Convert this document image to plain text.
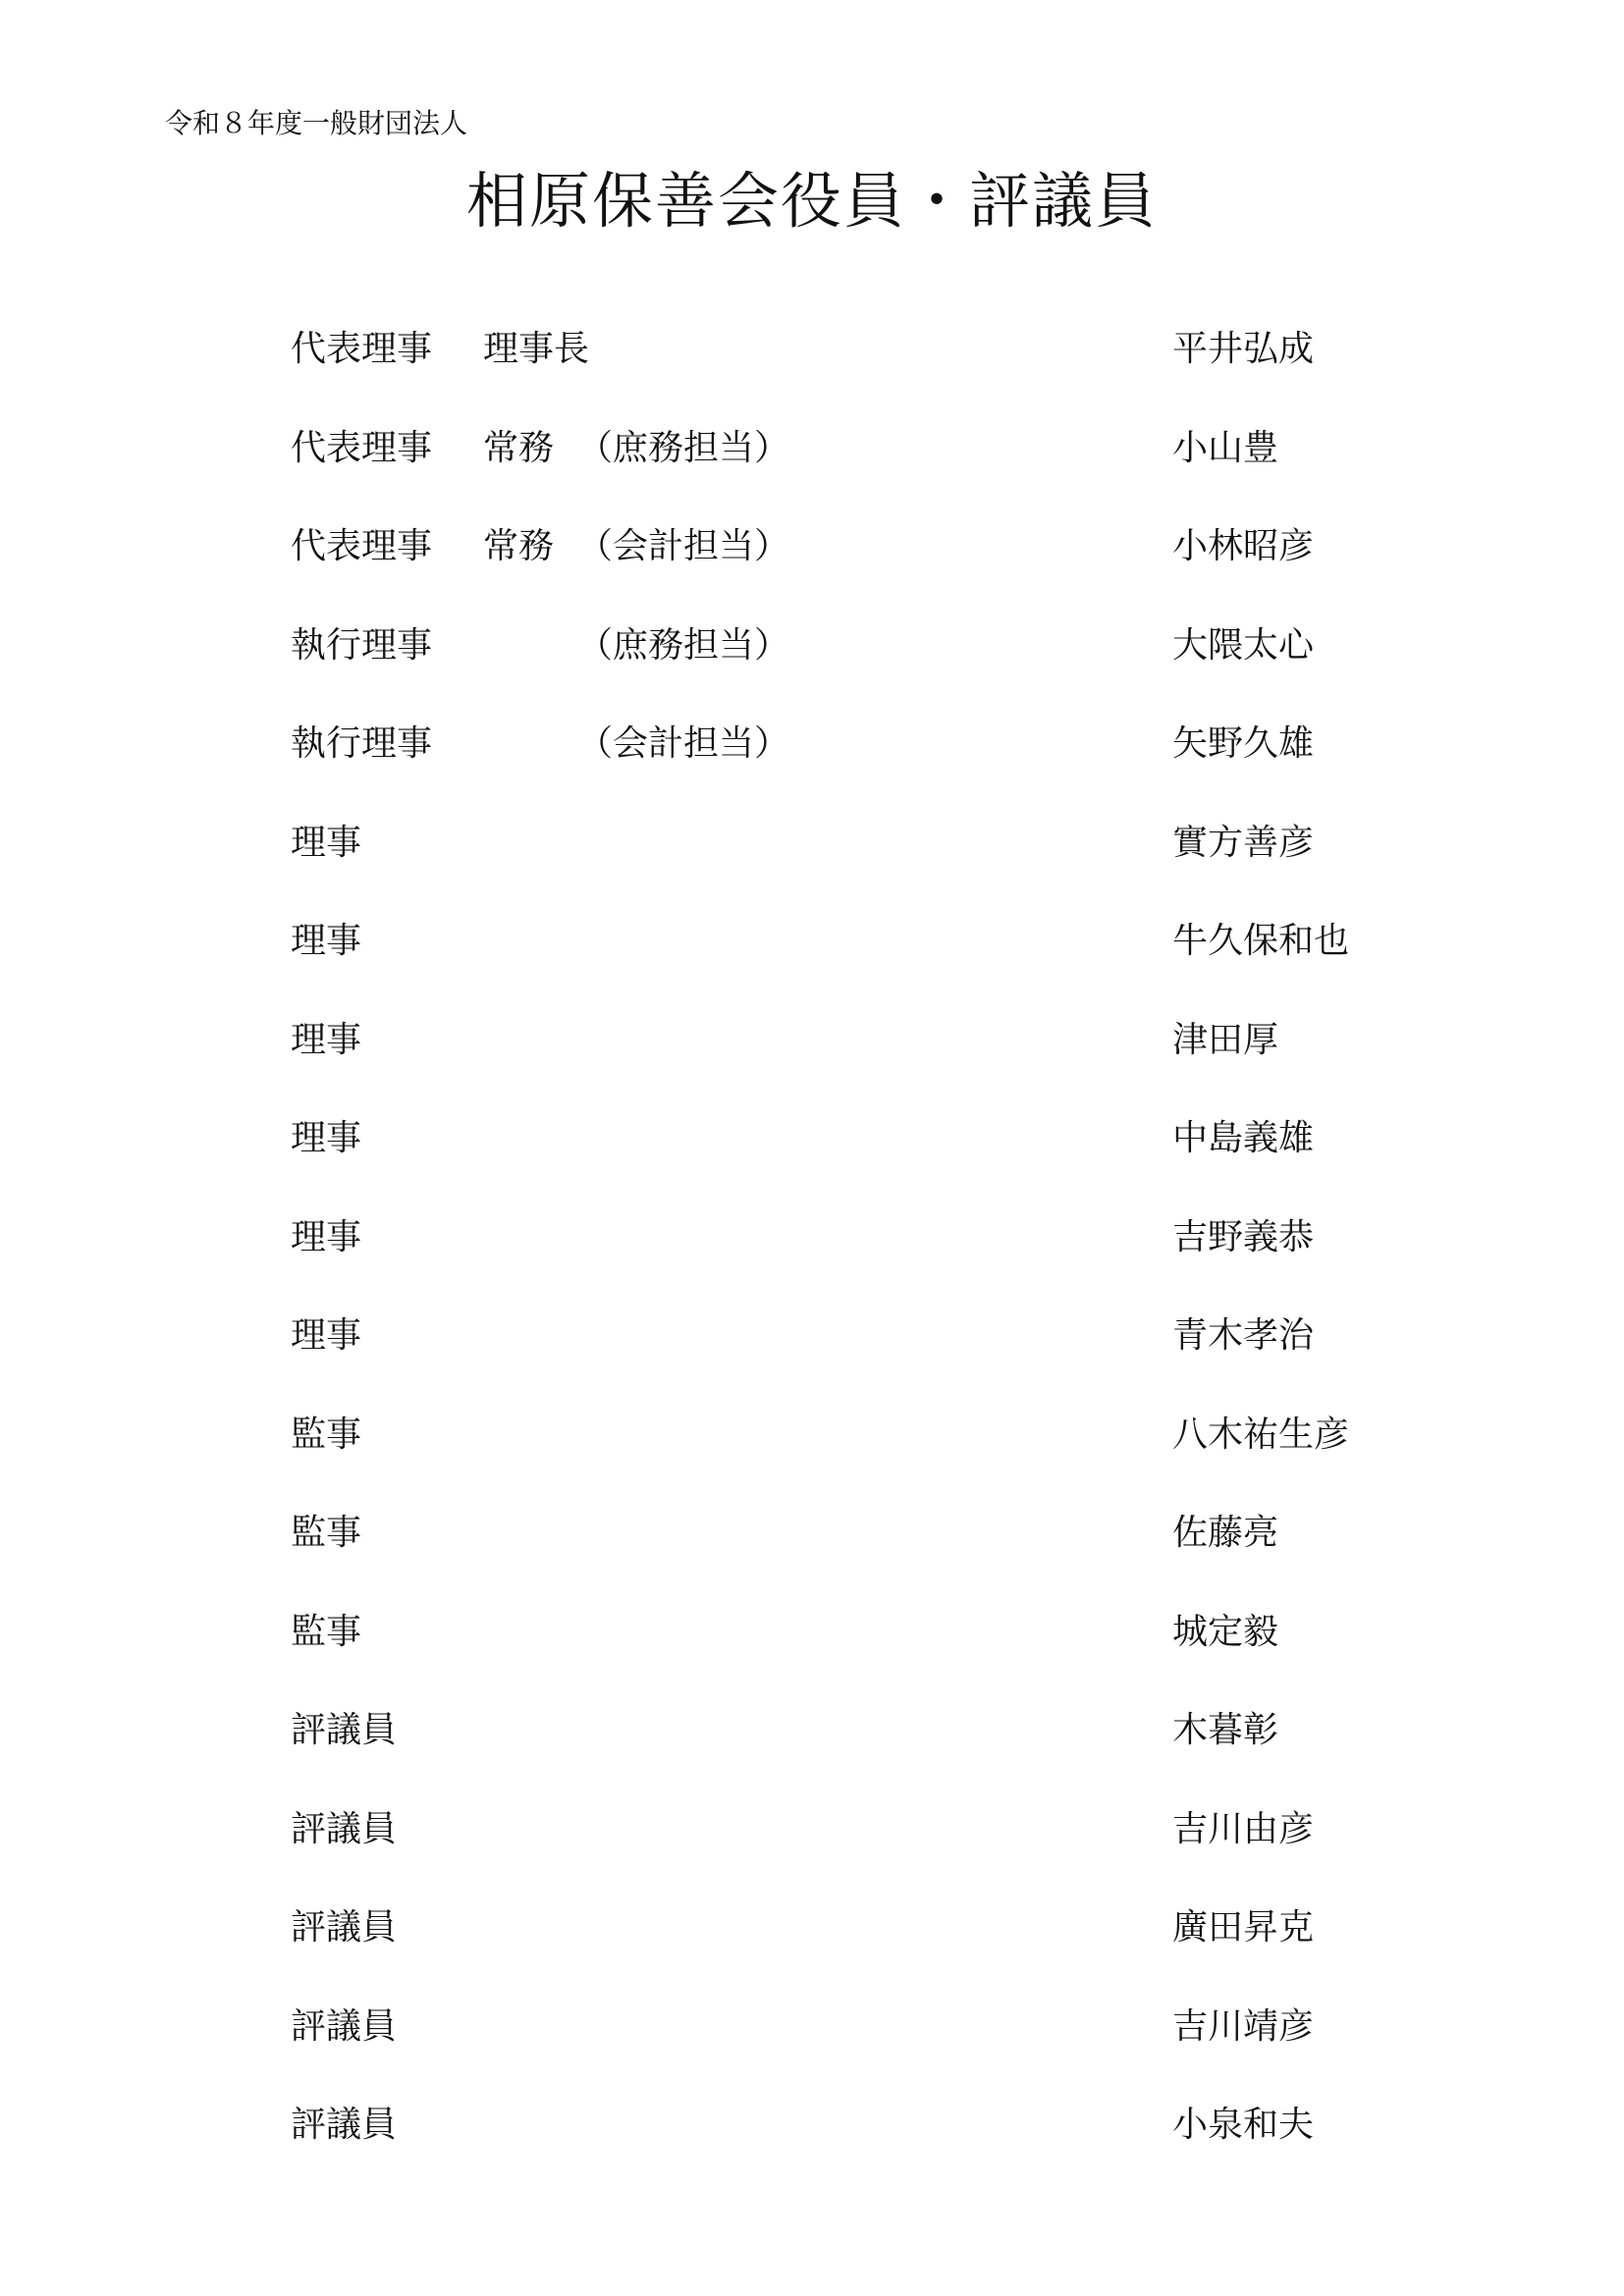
令和８年度一般財団法人
相原保善会役員・評議員
代表理事 理事長	平井弘成
代表理事 常務 （庶務担当）	小山豊
代表理事 常務 （会計担当）	小林昭彦
執行理事	（庶務担当）	大隈太心
執行理事	（会計担当）	矢野久雄
理事	實方善彦
理事	牛久保和也
理事	津田厚
理事	中島義雄
理事	吉野義恭
理事	青木孝治
監事	八木祐生彦
監事	佐藤亮
監事	城定毅
評議員	木暮彰
評議員	吉川由彦
評議員	廣田昇克
評議員	吉川靖彦
評議員	小泉和夫
